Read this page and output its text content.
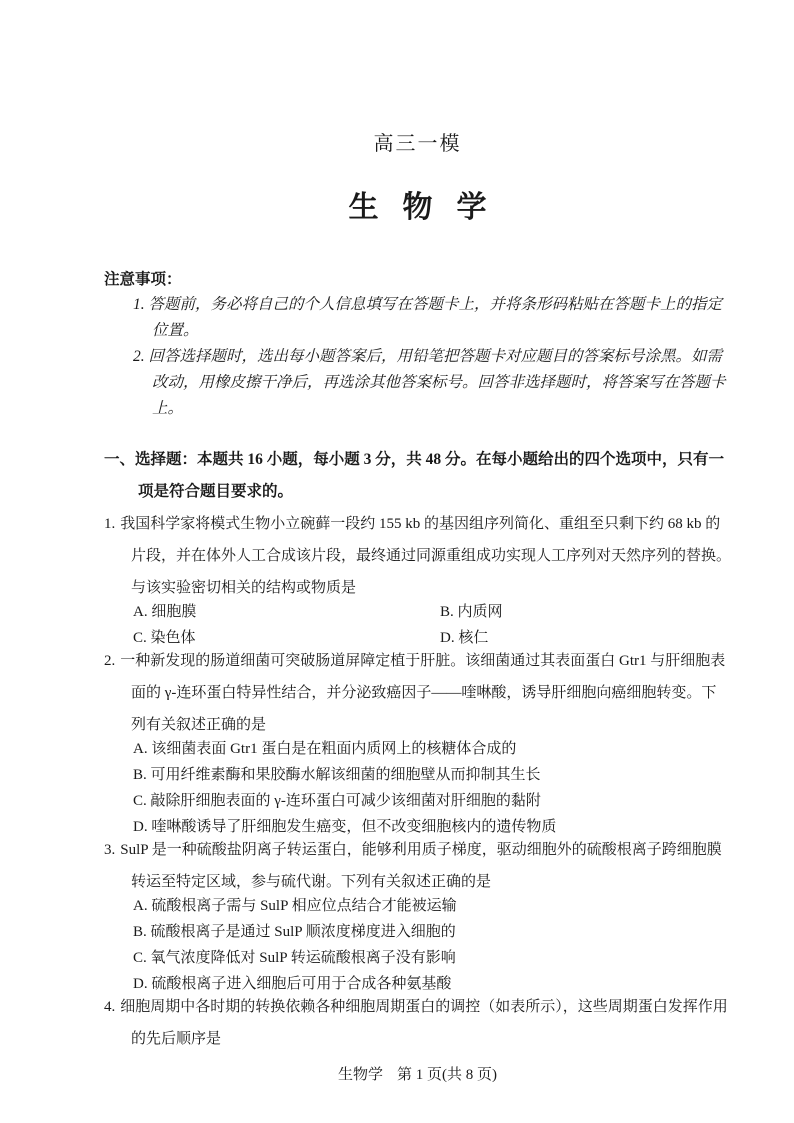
高三一模
生物学
注意事项：
1. 答题前，务必将自己的个人信息填写在答题卡上，并将条形码粘贴在答题卡上的指定位置。
2. 回答选择题时，选出每小题答案后，用铅笔把答题卡对应题目的答案标号涂黑。如需改动，用橡皮擦干净后，再选涂其他答案标号。回答非选择题时，将答案写在答题卡上。
一、选择题：本题共 16 小题，每小题 3 分，共 48 分。在每小题给出的四个选项中，只有一项是符合题目要求的。
1. 我国科学家将模式生物小立碗藓一段约 155 kb 的基因组序列简化、重组至只剩下约 68 kb 的片段，并在体外人工合成该片段，最终通过同源重组成功实现人工序列对天然序列的替换。与该实验密切相关的结构或物质是
A. 细胞膜	B. 内质网
C. 染色体	D. 核仁
2. 一种新发现的肠道细菌可突破肠道屏障定植于肝脏。该细菌通过其表面蛋白 Gtr1 与肝细胞表面的 γ-连环蛋白特异性结合，并分泌致癌因子——喹啉酸，诱导肝细胞向癌细胞转变。下列有关叙述正确的是
A. 该细菌表面 Gtr1 蛋白是在粗面内质网上的核糖体合成的
B. 可用纤维素酶和果胶酶水解该细菌的细胞壁从而抑制其生长
C. 敲除肝细胞表面的 γ-连环蛋白可减少该细菌对肝细胞的黏附
D. 喹啉酸诱导了肝细胞发生癌变，但不改变细胞核内的遗传物质
3. SulP 是一种硫酸盐阴离子转运蛋白，能够利用质子梯度，驱动细胞外的硫酸根离子跨细胞膜转运至特定区域，参与硫代谢。下列有关叙述正确的是
A. 硫酸根离子需与 SulP 相应位点结合才能被运输
B. 硫酸根离子是通过 SulP 顺浓度梯度进入细胞的
C. 氧气浓度降低对 SulP 转运硫酸根离子没有影响
D. 硫酸根离子进入细胞后可用于合成各种氨基酸
4. 细胞周期中各时期的转换依赖各种细胞周期蛋白的调控（如表所示），这些周期蛋白发挥作用的先后顺序是
生物学 第 1 页(共 8 页)
